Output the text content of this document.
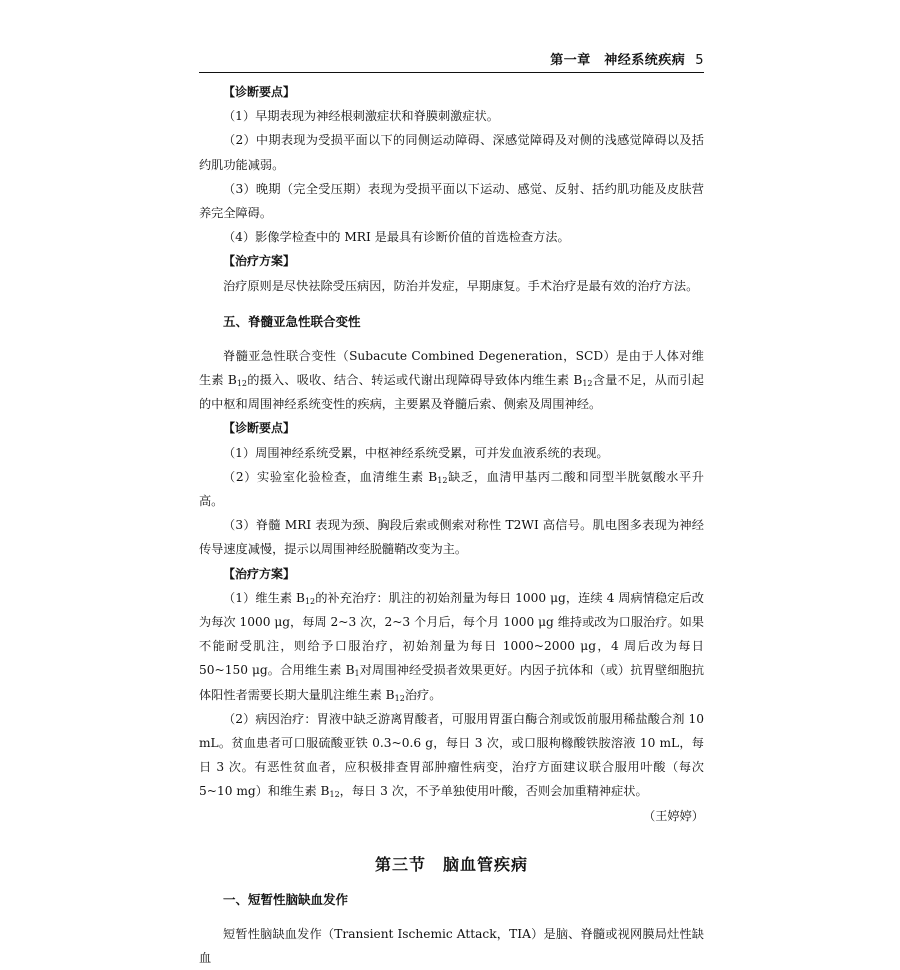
第一章　神经系统疾病 5

【诊断要点】

（1）早期表现为神经根刺激症状和脊膜刺激症状。

（2）中期表现为受损平面以下的同侧运动障碍、深感觉障碍及对侧的浅感觉障碍以及括约肌功能减弱。

（3）晚期（完全受压期）表现为受损平面以下运动、感觉、反射、括约肌功能及皮肤营养完全障碍。

（4）影像学检查中的 MRI 是最具有诊断价值的首选检查方法。

【治疗方案】

治疗原则是尽快祛除受压病因，防治并发症，早期康复。手术治疗是最有效的治疗方法。

五、脊髓亚急性联合变性

脊髓亚急性联合变性（Subacute Combined Degeneration，SCD）是由于人体对维生素 $B_{12}$的摄入、吸收、结合、转运或代谢出现障碍导致体内维生素 $B_{12}$含量不足，从而引起的中枢和周围神经系统变性的疾病，主要累及脊髓后索、侧索及周围神经。

【诊断要点】

（1）周围神经系统受累，中枢神经系统受累，可并发血液系统的表现。

（2）实验室化验检查，血清维生素 $B_{12}$缺乏，血清甲基丙二酸和同型半胱氨酸水平升高。

（3）脊髓 MRI 表现为颈、胸段后索或侧索对称性 T2WI 高信号。肌电图多表现为神经传导速度减慢，提示以周围神经脱髓鞘改变为主。

【治疗方案】

（1）维生素 $B_{12}$的补充治疗：肌注的初始剂量为每日 1000 μg，连续 4 周病情稳定后改为每次 1000 μg，每周 2~3 次，2~3 个月后，每个月 1000 μg 维持或改为口服治疗。如果不能耐受肌注，则给予口服治疗，初始剂量为每日 1000~2000 μg，4 周后改为每日 50~150 μg。合用维生素 $B_1$对周围神经受损者效果更好。内因子抗体和（或）抗胃壁细胞抗体阳性者需要长期大量肌注维生素 $B_{12}$治疗。

（2）病因治疗：胃液中缺乏游离胃酸者，可服用胃蛋白酶合剂或饭前服用稀盐酸合剂 10 mL。贫血患者可口服硫酸亚铁 0.3~0.6 g，每日 3 次，或口服枸橼酸铁胺溶液 10 mL，每日 3 次。有恶性贫血者，应积极排查胃部肿瘤性病变，治疗方面建议联合服用叶酸（每次 5~10 mg）和维生素 $B_{12}$，每日 3 次，不予单独使用叶酸，否则会加重精神症状。

（王婷婷）

第三节　脑血管疾病
一、短暂性脑缺血发作

短暂性脑缺血发作（Transient Ischemic Attack，TIA）是脑、脊髓或视网膜局灶性缺血
